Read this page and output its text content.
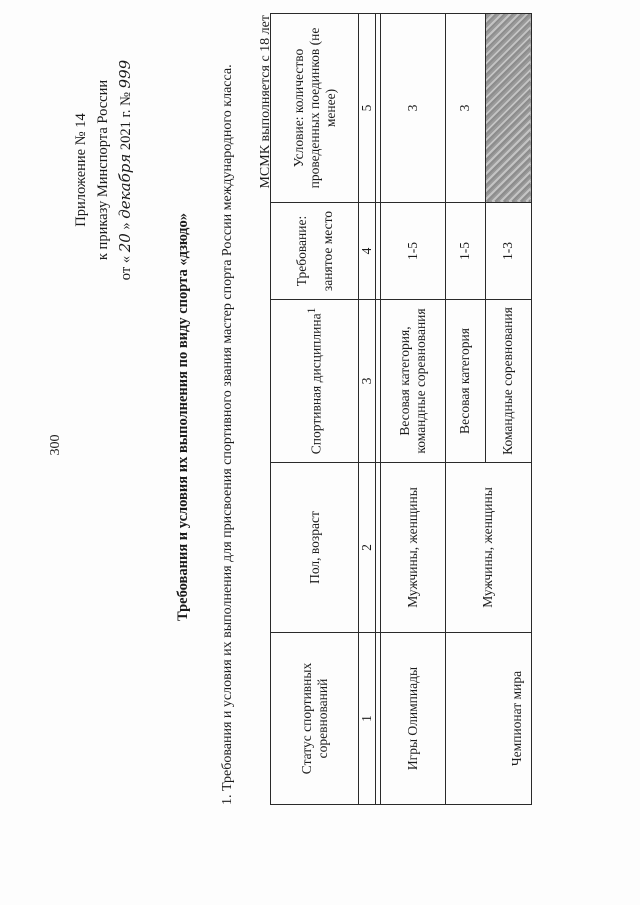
300
Приложение № 14 к приказу Минспорта России
от « 20 » декабря 2021 г. № 999
Требования и условия их выполнения по виду спорта «дзюдо» 1. Требования и условия их выполнения для присвоения спортивного звания мастер спорта России международного класса. МСМК выполняется с 18 лет
Статус спортивных соревнований	Пол, возраст	Спортивная дисциплина$^1$	Требование: занятое место	Условие: количество проведенных поединков (не менее)
1	2	3	4	5

Игры Олимпиады	Мужчины, женщины	Весовая категория, командные соревнования	1-5	3
Чемпионат мира	Мужчины, женщины	Весовая категория	1-5	3
		Командные соревнования	1-3	
